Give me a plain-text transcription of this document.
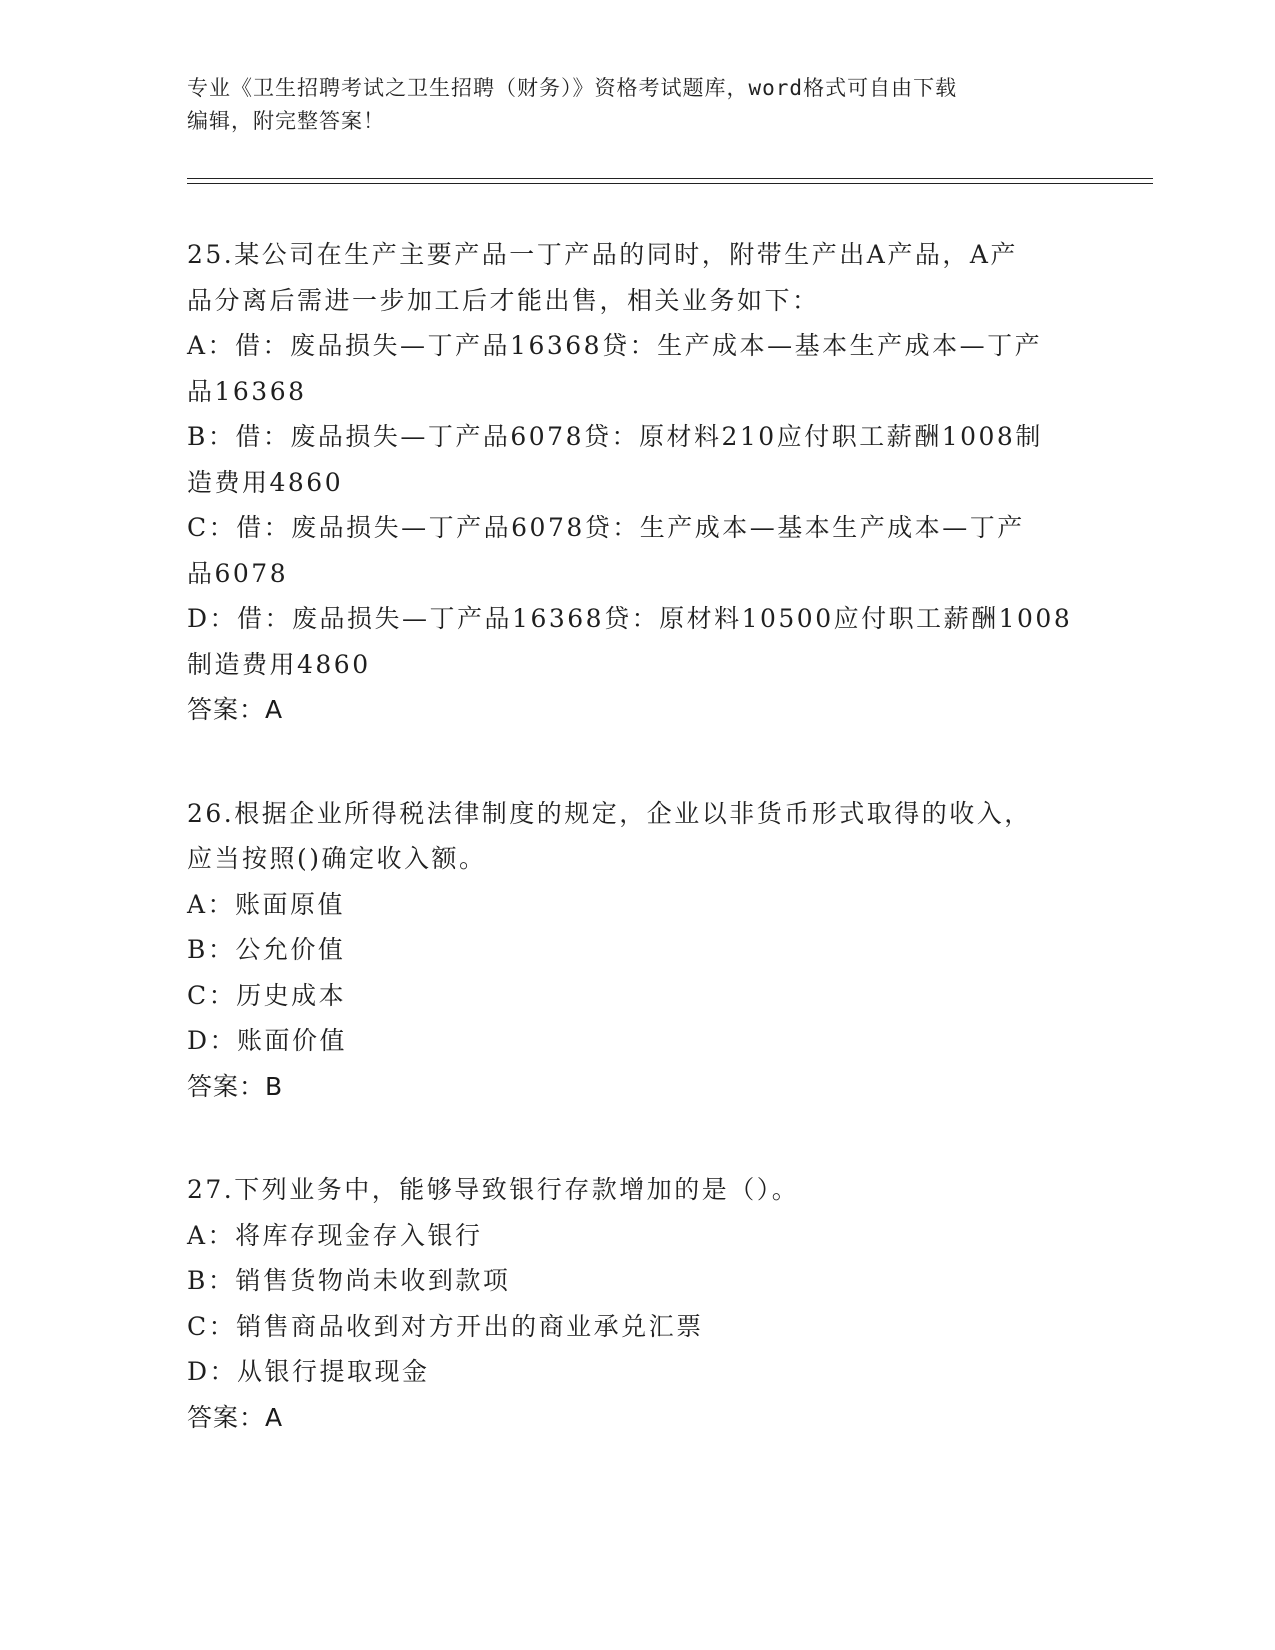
专业《卫生招聘考试之卫生招聘（财务）》资格考试题库，word格式可自由下载

编辑，附完整答案！

25.某公司在生产主要产品一丁产品的同时，附带生产出A产品，A产
品分离后需进一步加工后才能出售，相关业务如下：
A：借：废品损失—丁产品16368贷：生产成本—基本生产成本—丁产
品16368
B：借：废品损失—丁产品6078贷：原材料210应付职工薪酬1008制
造费用4860
C：借：废品损失—丁产品6078贷：生产成本—基本生产成本—丁产
品6078
D：借：废品损失—丁产品16368贷：原材料10500应付职工薪酬1008
制造费用4860
答案：A
26.根据企业所得税法律制度的规定，企业以非货币形式取得的收入，
应当按照()确定收入额。
A：账面原值
B：公允价值
C：历史成本
D：账面价值
答案：B
27.下列业务中，能够导致银行存款增加的是（）。
A：将库存现金存入银行
B：销售货物尚未收到款项
C：销售商品收到对方开出的商业承兑汇票
D：从银行提取现金
答案：A
